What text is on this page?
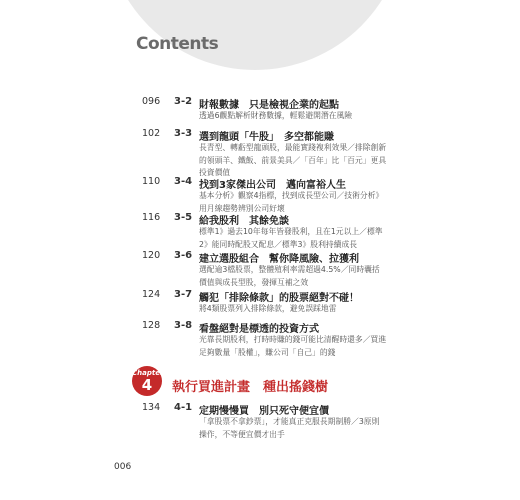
Contents
096 3-2 財報數據　只是檢視企業的起點
透過6觀點解析財務數據，輕鬆避開潛在風險
102 3-3 選到龍頭「牛股」　多空都能賺
長青型、轉虧型龍頭股，最能實踐複利效果／排除創新
的領頭羊、鐵飯、前景美具／「百年」比「百元」更具
投資價值
110 3-4 找到3家傑出公司　邁向富裕人生
基本分析》觀察4指標，找到成長型公司／技術分析》
用月線趨勢辨別公司好壞
116 3-5 給我股利　其餘免談
標準1》過去10年每年皆發股利，且在1元以上／標準
2》能同時配股又配息／標準3》股利持續成長
120 3-6 建立選股組合　幫你降風險、拉獲利
選配逾3檔股票，整體殖利率需超過4.5%／同時囊括
價值與成長型股，發揮互補之效
124 3-7 觸犯「排除條款」的股票絕對不碰！
將4類股票列入排除條款，避免誤踩地雷
128 3-8 看盤絕對是標透的投資方式
光靠長期股利，打時時賺的錢可能比清醒時還多／買進
足夠數量「股權」，賺公司「自己」的錢
Chapter
4	執行買進計畫　種出搖錢樹
134 4-1 定期慢慢買　別只死守便宜價
「拿股票不拿鈔票」，才能真正克服長期制勝／3原則
操作，不等便宜價才出手
006
